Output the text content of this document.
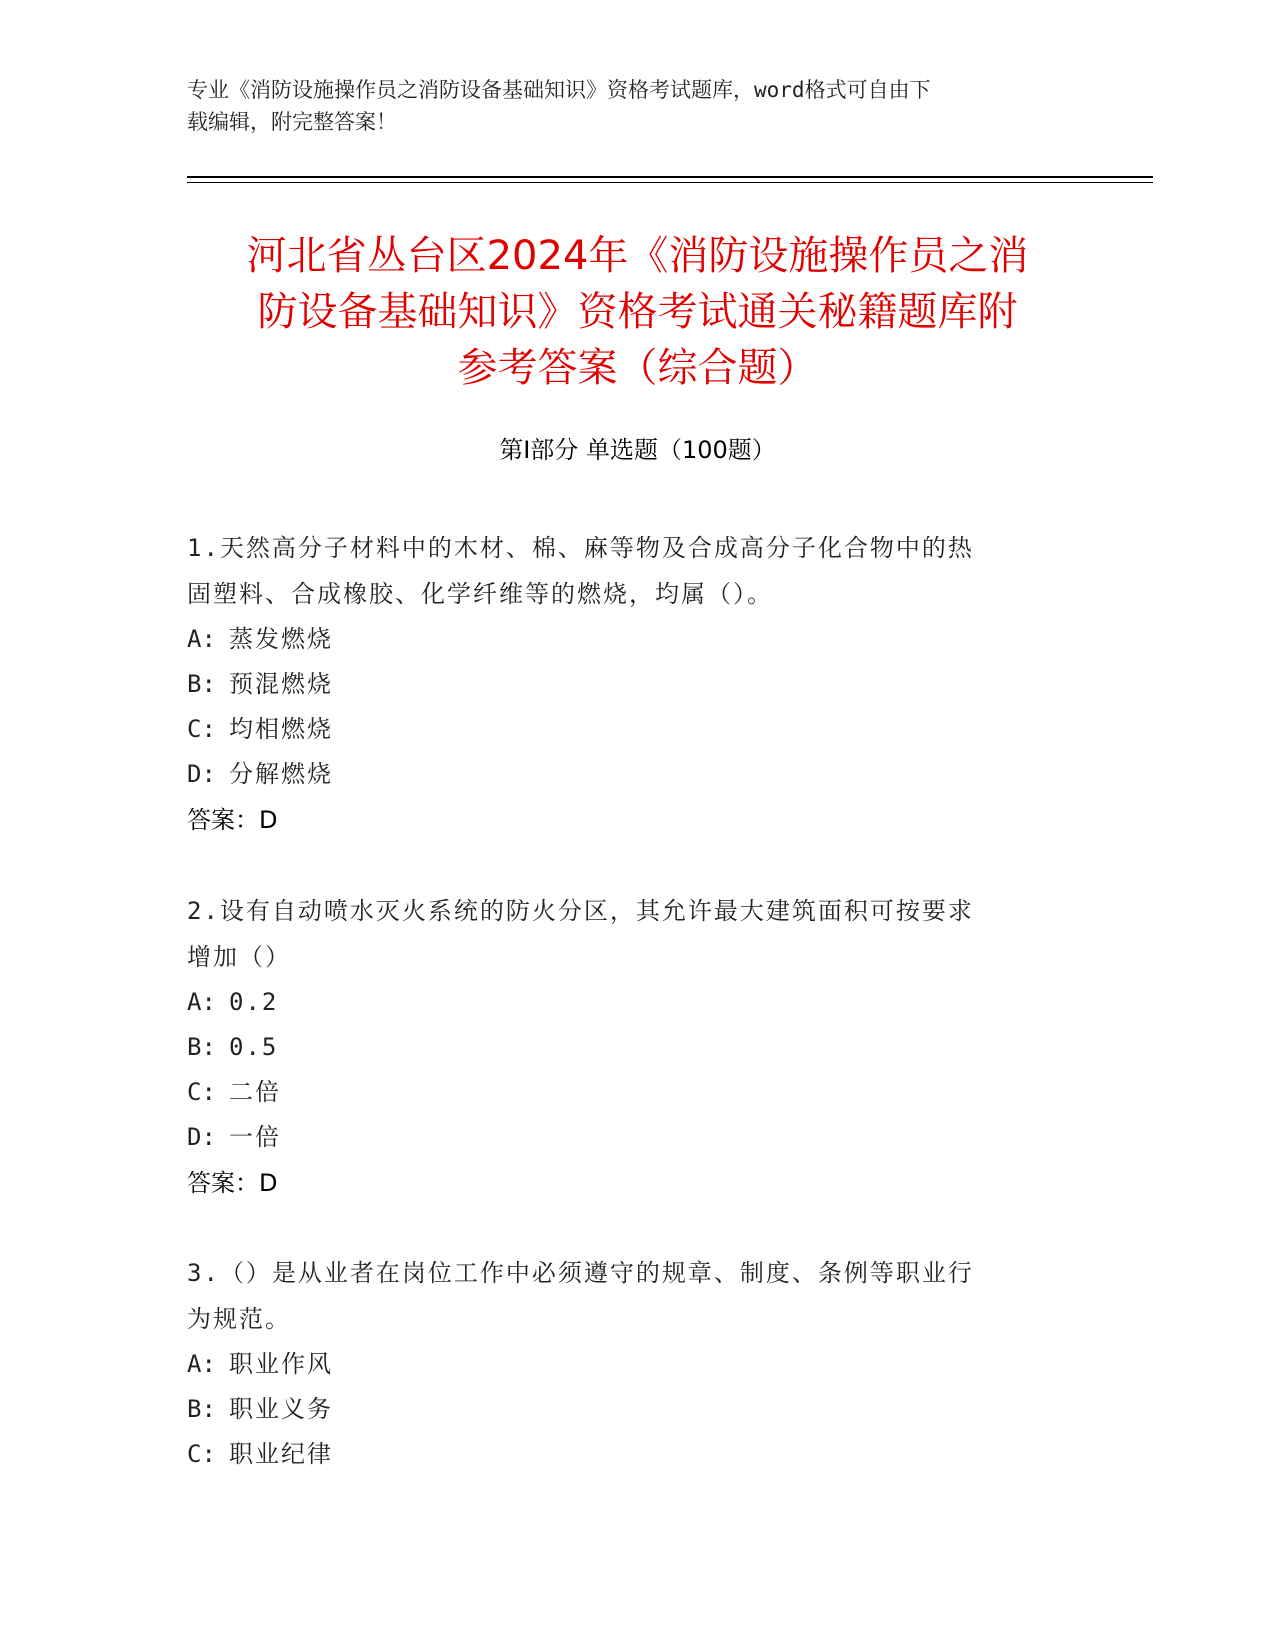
专业《消防设施操作员之消防设备基础知识》资格考试题库，word格式可自由下
载编辑，附完整答案！
河北省丛台区2024年《消防设施操作员之消
防设备基础知识》资格考试通关秘籍题库附
参考答案（综合题）
第I部分 单选题（100题）

1.天然高分子材料中的木材、棉、麻等物及合成高分子化合物中的热

固塑料、合成橡胶、化学纤维等的燃烧，均属（）。

A: 蒸发燃烧

B: 预混燃烧

C: 均相燃烧

D: 分解燃烧

答案：D

2.设有自动喷水灭火系统的防火分区，其允许最大建筑面积可按要求

增加（）

A: 0.2

B: 0.5

C: 二倍

D: 一倍

答案：D

3.（）是从业者在岗位工作中必须遵守的规章、制度、条例等职业行

为规范。

A: 职业作风

B: 职业义务

C: 职业纪律
